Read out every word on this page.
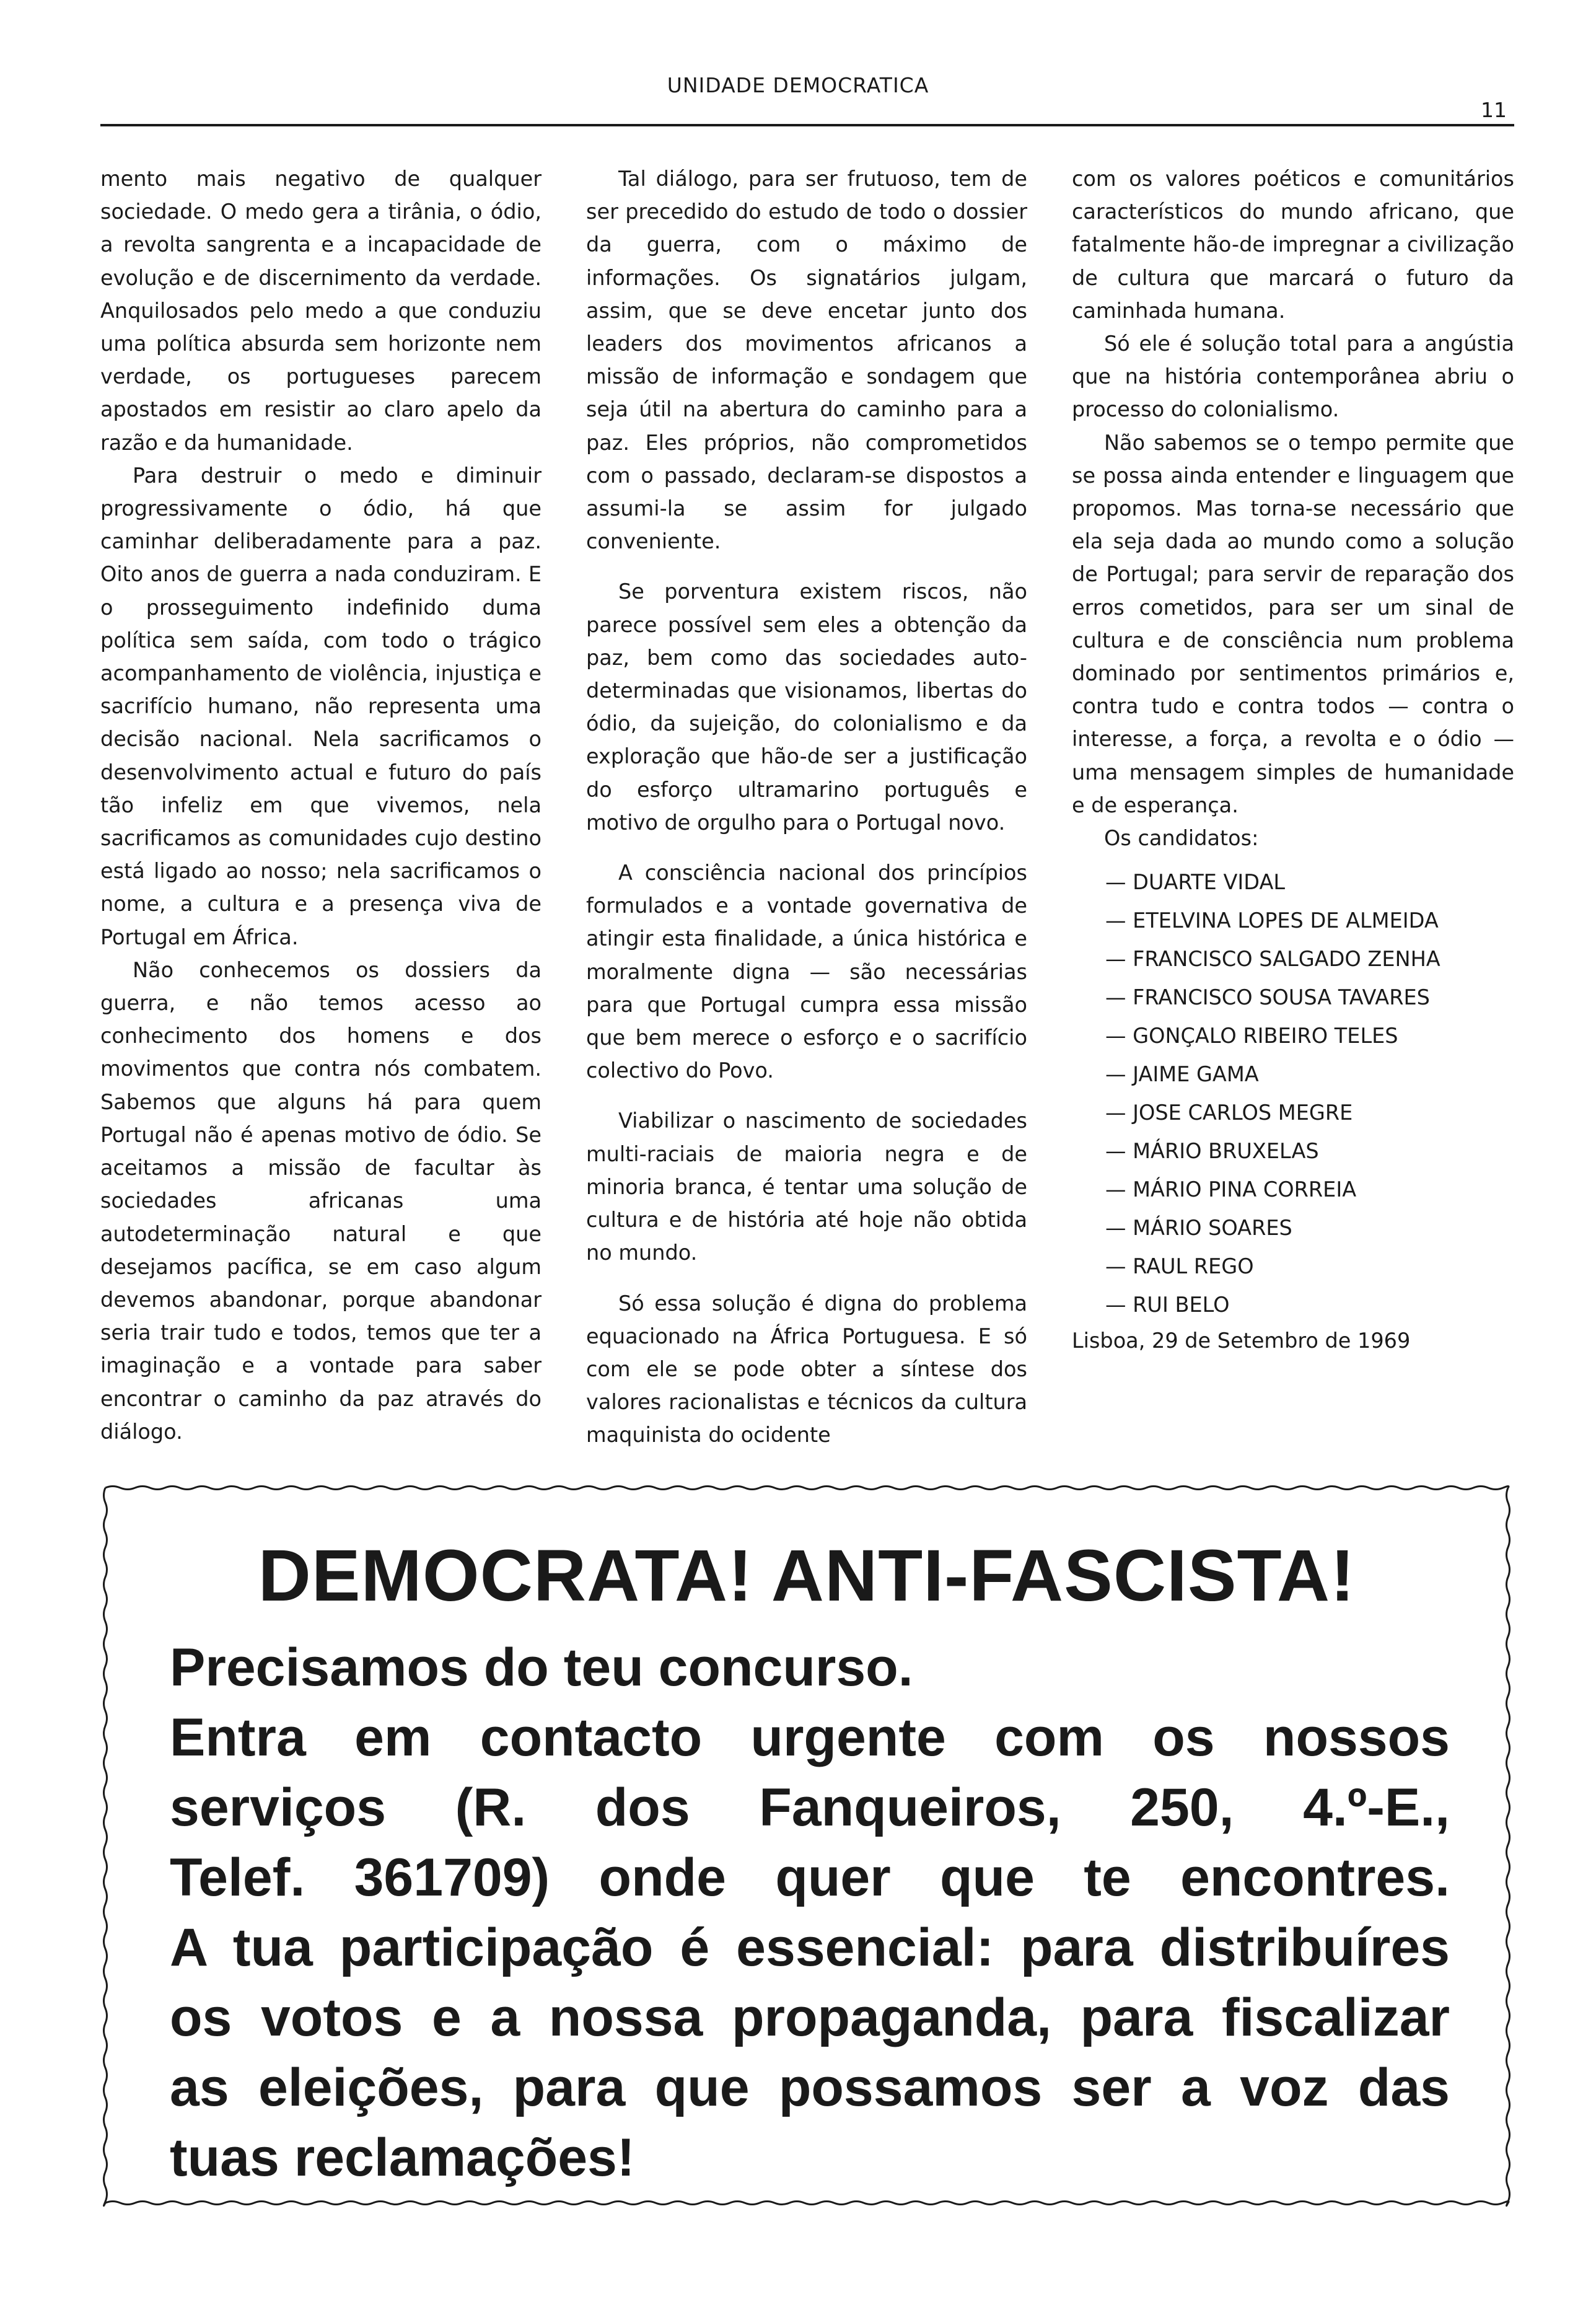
UNIDADE DEMOCRATICA
11

mento mais negativo de qualquer sociedade. O medo gera a tirânia, o ódio, a revolta sangrenta e a incapacidade de evolução e de discernimento da verdade. Anquilosados pelo medo a que conduziu uma política absurda sem horizonte nem verdade, os portugueses parecem apostados em resistir ao claro apelo da razão e da humanidade.

Para destruir o medo e diminuir progressivamente o ódio, há que caminhar deliberadamente para a paz. Oito anos de guerra a nada conduziram. E o prosseguimento indefinido duma política sem saída, com todo o trágico acompanhamento de violência, injustiça e sacrifício humano, não representa uma decisão nacional. Nela sacrificamos o desenvolvimento actual e futuro do país tão infeliz em que vivemos, nela sacrificamos as comunidades cujo destino está ligado ao nosso; nela sacrificamos o nome, a cultura e a presença viva de Portugal em África.

Não conhecemos os dossiers da guerra, e não temos acesso ao conhecimento dos homens e dos movimentos que contra nós combatem. Sabemos que alguns há para quem Portugal não é apenas motivo de ódio. Se aceitamos a missão de facultar às sociedades africanas uma autodeterminação natural e que desejamos pacífica, se em caso algum devemos abandonar, porque abandonar seria trair tudo e todos, temos que ter a imaginação e a vontade para saber encontrar o caminho da paz através do diálogo.

Tal diálogo, para ser frutuoso, tem de ser precedido do estudo de todo o dossier da guerra, com o máximo de informações. Os signatários julgam, assim, que se deve encetar junto dos leaders dos movimentos africanos a missão de informação e sondagem que seja útil na abertura do caminho para a paz. Eles próprios, não comprometidos com o passado, declaram-se dispostos a assumi-la se assim for julgado conveniente.

Se porventura existem riscos, não parece possível sem eles a obtenção da paz, bem como das sociedades auto-determinadas que visionamos, libertas do ódio, da sujeição, do colonialismo e da exploração que hão-de ser a justificação do esforço ultramarino português e motivo de orgulho para o Portugal novo.

A consciência nacional dos princípios formulados e a vontade governativa de atingir esta finalidade, a única histórica e moralmente digna — são necessárias para que Portugal cumpra essa missão que bem merece o esforço e o sacrifício colectivo do Povo.

Viabilizar o nascimento de sociedades multi-raciais de maioria negra e de minoria branca, é tentar uma solução de cultura e de história até hoje não obtida no mundo.

Só essa solução é digna do problema equacionado na África Portuguesa. E só com ele se pode obter a síntese dos valores racionalistas e técnicos da cultura maquinista do ocidente

com os valores poéticos e comunitários característicos do mundo africano, que fatalmente hão-de impregnar a civilização de cultura que marcará o futuro da caminhada humana.

Só ele é solução total para a angústia que na história contemporânea abriu o processo do colonialismo.

Não sabemos se o tempo permite que se possa ainda entender e linguagem que propomos. Mas torna-se necessário que ela seja dada ao mundo como a solução de Portugal; para servir de reparação dos erros cometidos, para ser um sinal de cultura e de consciência num problema dominado por sentimentos primários e, contra tudo e contra todos — contra o interesse, a força, a revolta e o ódio — uma mensagem simples de humanidade e de esperança.

Os candidatos:

— DUARTE VIDAL
— ETELVINA LOPES DE ALMEIDA
— FRANCISCO SALGADO ZENHA
— FRANCISCO SOUSA TAVARES
— GONÇALO RIBEIRO TELES
— JAIME GAMA
— JOSE CARLOS MEGRE
— MÁRIO BRUXELAS
— MÁRIO PINA CORREIA
— MÁRIO SOARES
— RAUL REGO
— RUI BELO

Lisboa, 29 de Setembro de 1969

DEMOCRATA! ANTI-FASCISTA!
Precisamos do teu concurso.
Entra em contacto urgente com os nossos
serviços (R. dos Fanqueiros, 250, 4.º-E.,
Telef. 361709) onde quer que te encontres.
A tua participação é essencial: para distribuíres
os votos e a nossa propaganda, para fiscalizar
as eleições, para que possamos ser a voz das
tuas reclamações!
